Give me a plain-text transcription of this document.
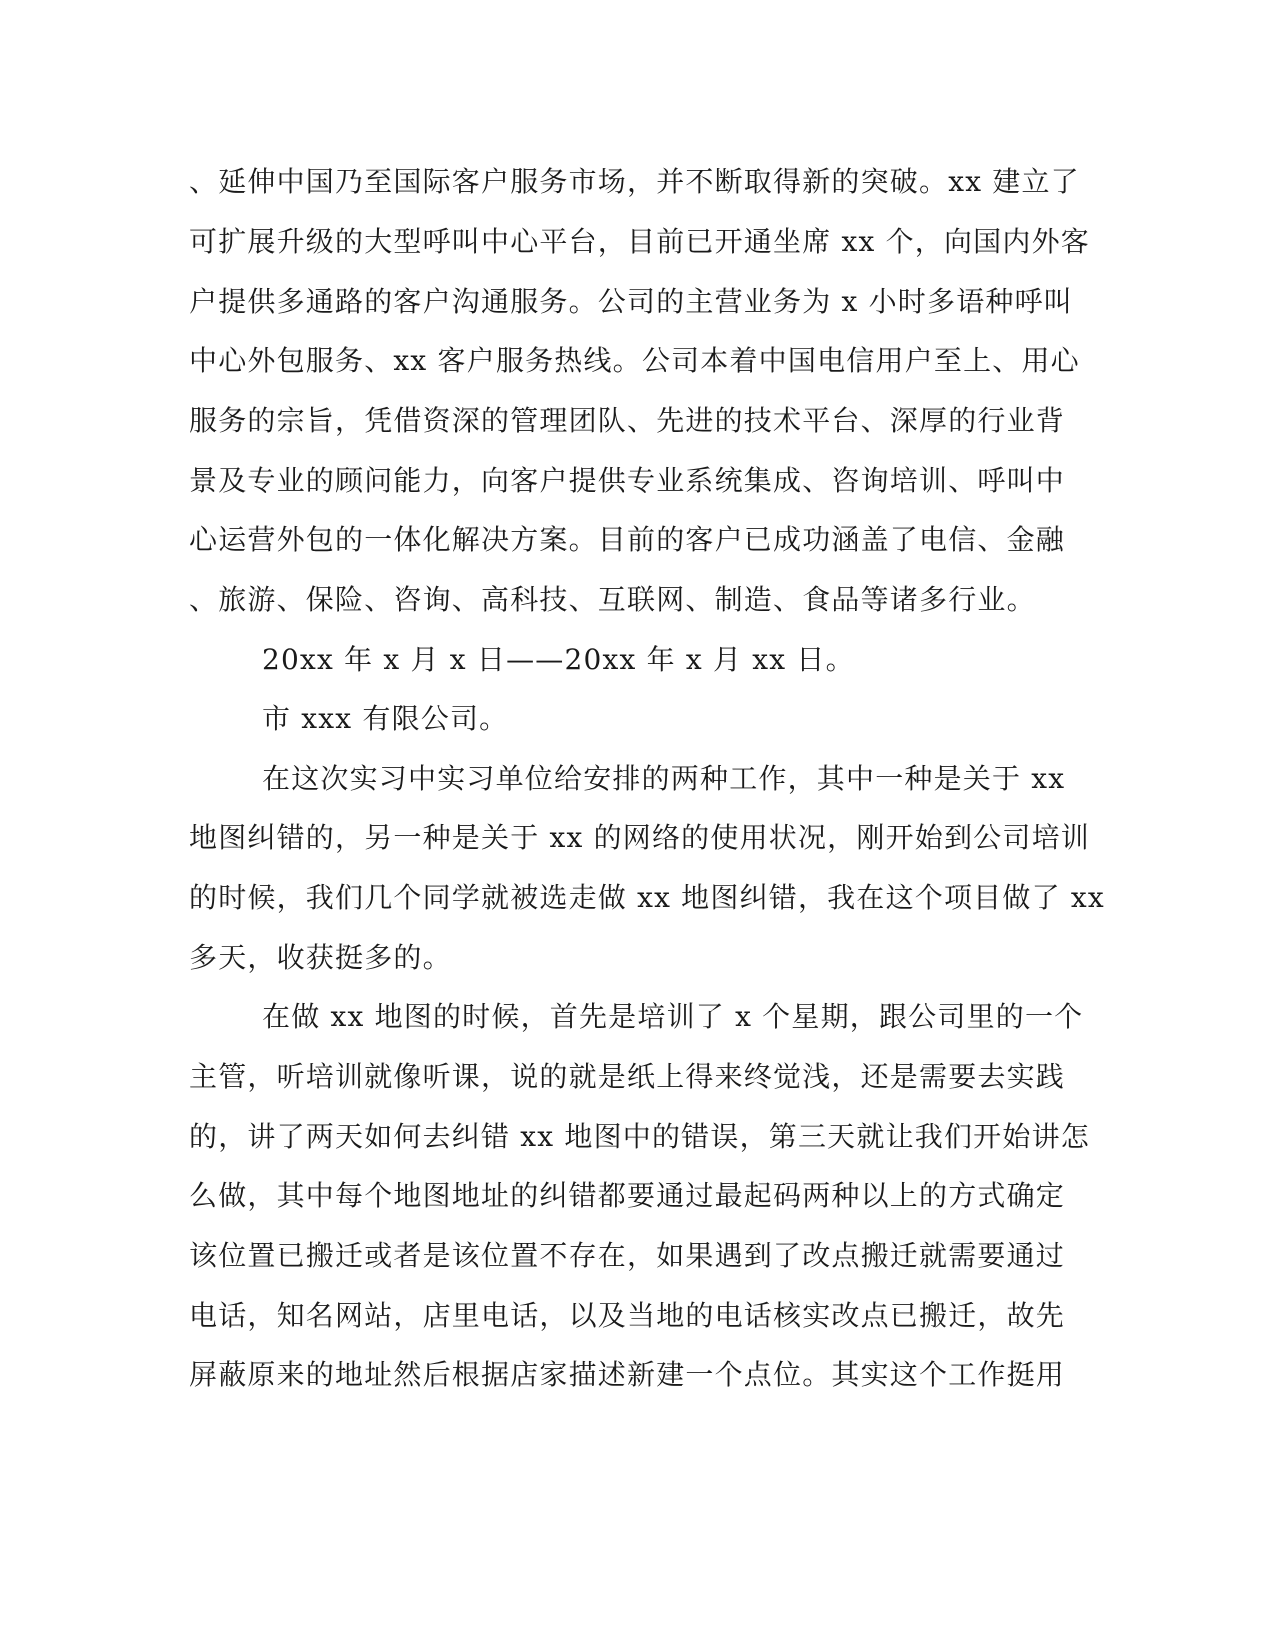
、延伸中国乃至国际客户服务市场，并不断取得新的突破。xx 建立了
可扩展升级的大型呼叫中心平台，目前已开通坐席 xx 个，向国内外客
户提供多通路的客户沟通服务。公司的主营业务为 x 小时多语种呼叫
中心外包服务、xx 客户服务热线。公司本着中国电信用户至上、用心
服务的宗旨，凭借资深的管理团队、先进的技术平台、深厚的行业背
景及专业的顾问能力，向客户提供专业系统集成、咨询培训、呼叫中
心运营外包的一体化解决方案。目前的客户已成功涵盖了电信、金融
、旅游、保险、咨询、高科技、互联网、制造、食品等诸多行业。
20xx 年 x 月 x 日——20xx 年 x 月 xx 日。
市 xxx 有限公司。
在这次实习中实习单位给安排的两种工作，其中一种是关于 xx
地图纠错的，另一种是关于 xx 的网络的使用状况，刚开始到公司培训
的时候，我们几个同学就被选走做 xx 地图纠错，我在这个项目做了 xx
多天，收获挺多的。
在做 xx 地图的时候，首先是培训了 x 个星期，跟公司里的一个
主管，听培训就像听课，说的就是纸上得来终觉浅，还是需要去实践
的，讲了两天如何去纠错 xx 地图中的错误，第三天就让我们开始讲怎
么做，其中每个地图地址的纠错都要通过最起码两种以上的方式确定
该位置已搬迁或者是该位置不存在，如果遇到了改点搬迁就需要通过
电话，知名网站，店里电话，以及当地的电话核实改点已搬迁，故先
屏蔽原来的地址然后根据店家描述新建一个点位。其实这个工作挺用
